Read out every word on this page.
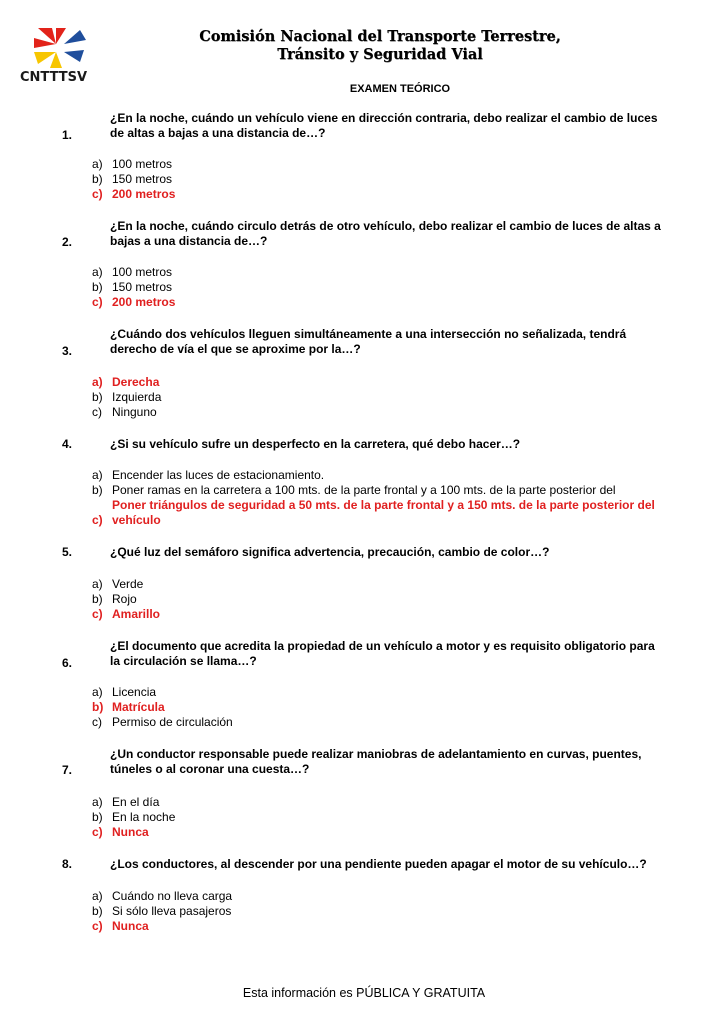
CNTTTSV
Comisión Nacional del Transporte Terrestre,
Tránsito y Seguridad Vial
EXAMEN TEÓRICO
¿En la noche, cuándo un vehículo viene en dirección contraria, debo realizar el cambio de luces de altas a bajas a una distancia de…?
1.
a) 100 metros
b) 150 metros
c) 200 metros
¿En la noche, cuándo circulo detrás de otro vehículo, debo realizar el cambio de luces de altas a bajas a una distancia de…?
2.
a) 100 metros
b) 150 metros
c) 200 metros
¿Cuándo dos vehículos lleguen simultáneamente a una intersección no señalizada, tendrá derecho de vía el que se aproxime por la…?
3.
a) Derecha
b) Izquierda
c) Ninguno
4.	¿Si su vehículo sufre un desperfecto en la carretera, qué debo hacer…?
a) Encender las luces de estacionamiento.
b) Poner ramas en la carretera a 100 mts. de la parte frontal y a 100 mts. de la parte posterior del
c)
Poner triángulos de seguridad a 50 mts. de la parte frontal y a 150 mts. de la parte posterior del vehículo
5.	¿Qué luz del semáforo significa advertencia, precaución, cambio de color…?
a) Verde
b) Rojo
c) Amarillo
¿El documento que acredita la propiedad de un vehículo a motor y es requisito obligatorio para la circulación se llama…?
6.
a) Licencia
b) Matrícula
c) Permiso de circulación
¿Un conductor responsable puede realizar maniobras de adelantamiento en curvas, puentes, túneles o al coronar una cuesta…?
7.
a) En el día
b) En la noche
c) Nunca
8.	¿Los conductores, al descender por una pendiente pueden apagar el motor de su vehículo…?
a) Cuándo no lleva carga
b) Si sólo lleva pasajeros
c) Nunca
Esta información es PÚBLICA Y GRATUITA
